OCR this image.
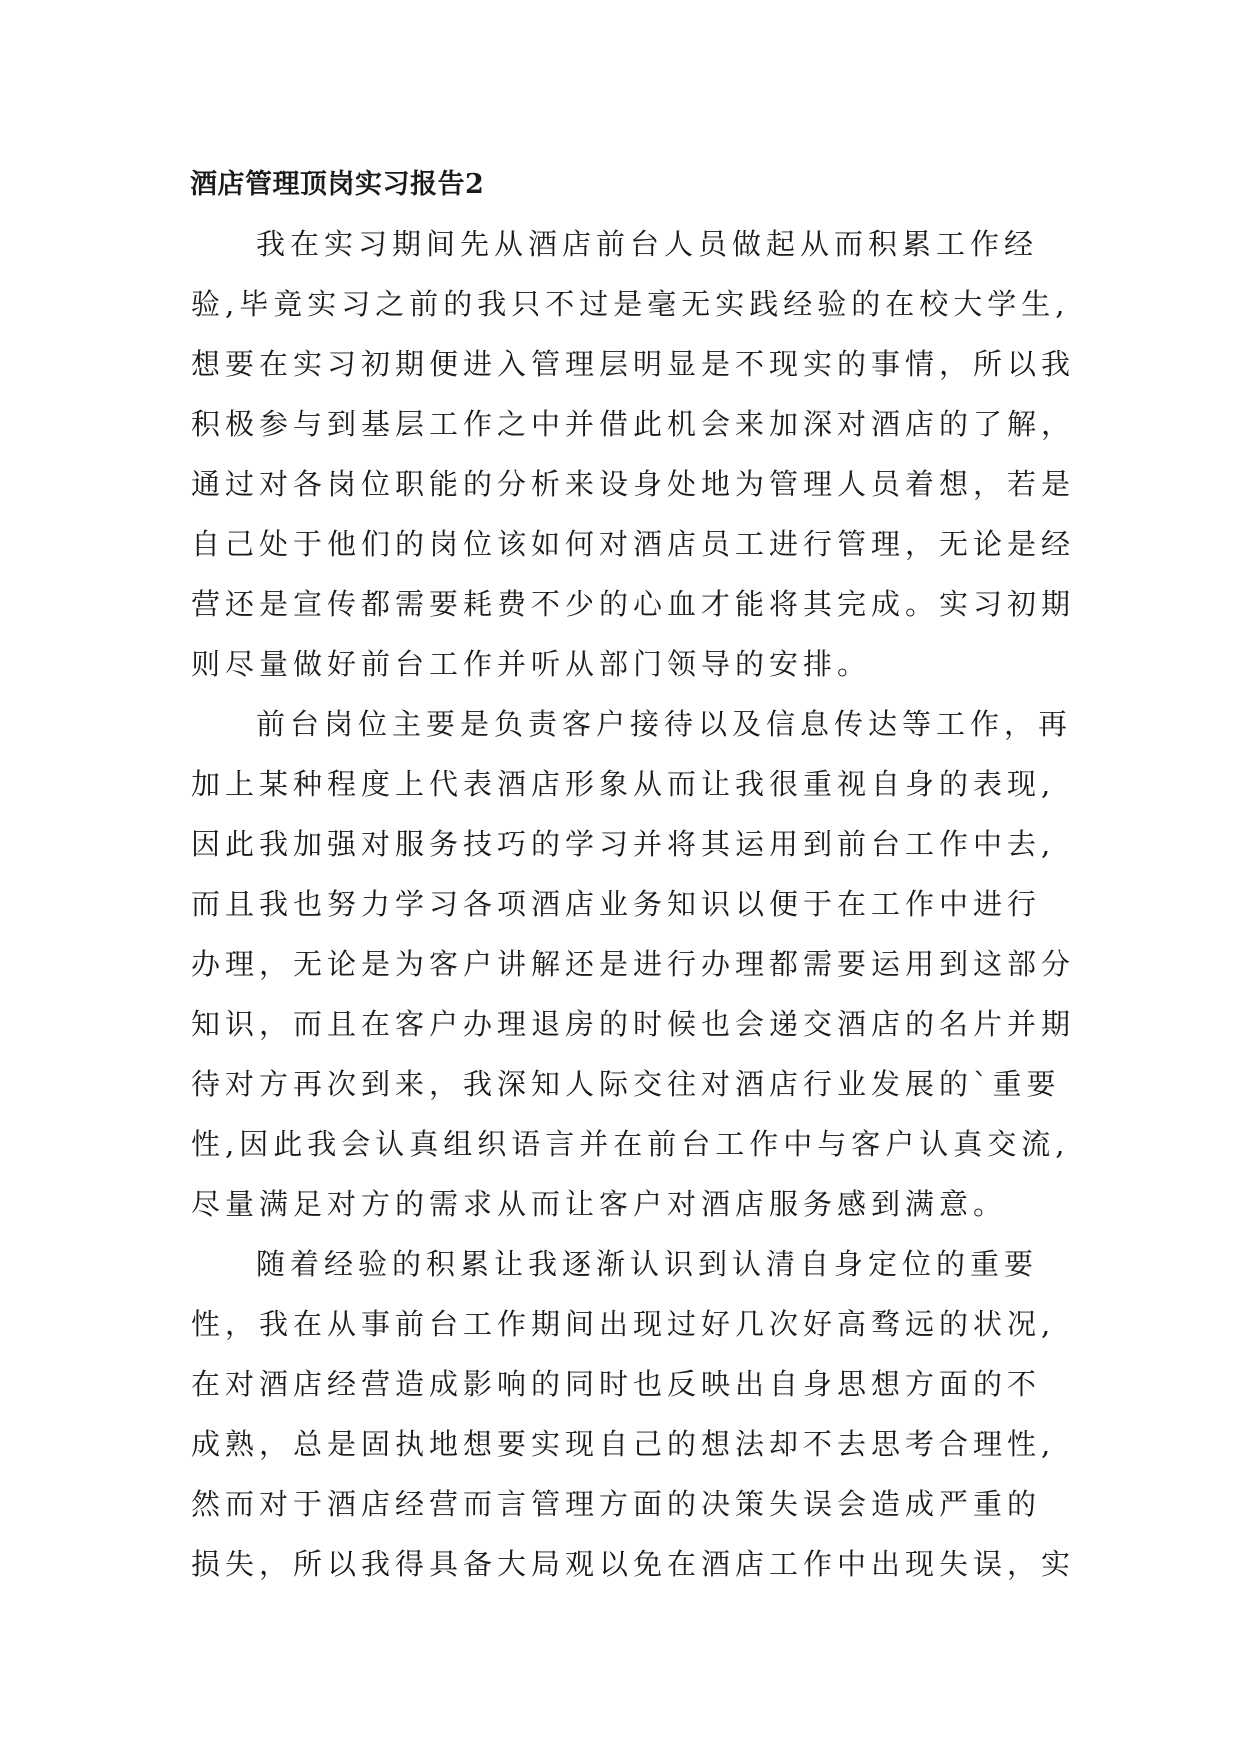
酒店管理顶岗实习报告2
我在实习期间先从酒店前台人员做起从而积累工作经
验,毕竟实习之前的我只不过是毫无实践经验的在校大学生,
想要在实习初期便进入管理层明显是不现实的事情，所以我
积极参与到基层工作之中并借此机会来加深对酒店的了解，
通过对各岗位职能的分析来设身处地为管理人员着想，若是
自己处于他们的岗位该如何对酒店员工进行管理，无论是经
营还是宣传都需要耗费不少的心血才能将其完成。实习初期
则尽量做好前台工作并听从部门领导的安排。
前台岗位主要是负责客户接待以及信息传达等工作，再
加上某种程度上代表酒店形象从而让我很重视自身的表现,
因此我加强对服务技巧的学习并将其运用到前台工作中去,
而且我也努力学习各项酒店业务知识以便于在工作中进行
办理，无论是为客户讲解还是进行办理都需要运用到这部分
知识，而且在客户办理退房的时候也会递交酒店的名片并期
待对方再次到来，我深知人际交往对酒店行业发展的`重要
性,因此我会认真组织语言并在前台工作中与客户认真交流,
尽量满足对方的需求从而让客户对酒店服务感到满意。
随着经验的积累让我逐渐认识到认清自身定位的重要
性，我在从事前台工作期间出现过好几次好高骛远的状况,
在对酒店经营造成影响的同时也反映出自身思想方面的不
成熟，总是固执地想要实现自己的想法却不去思考合理性,
然而对于酒店经营而言管理方面的决策失误会造成严重的
损失，所以我得具备大局观以免在酒店工作中出现失误，实
